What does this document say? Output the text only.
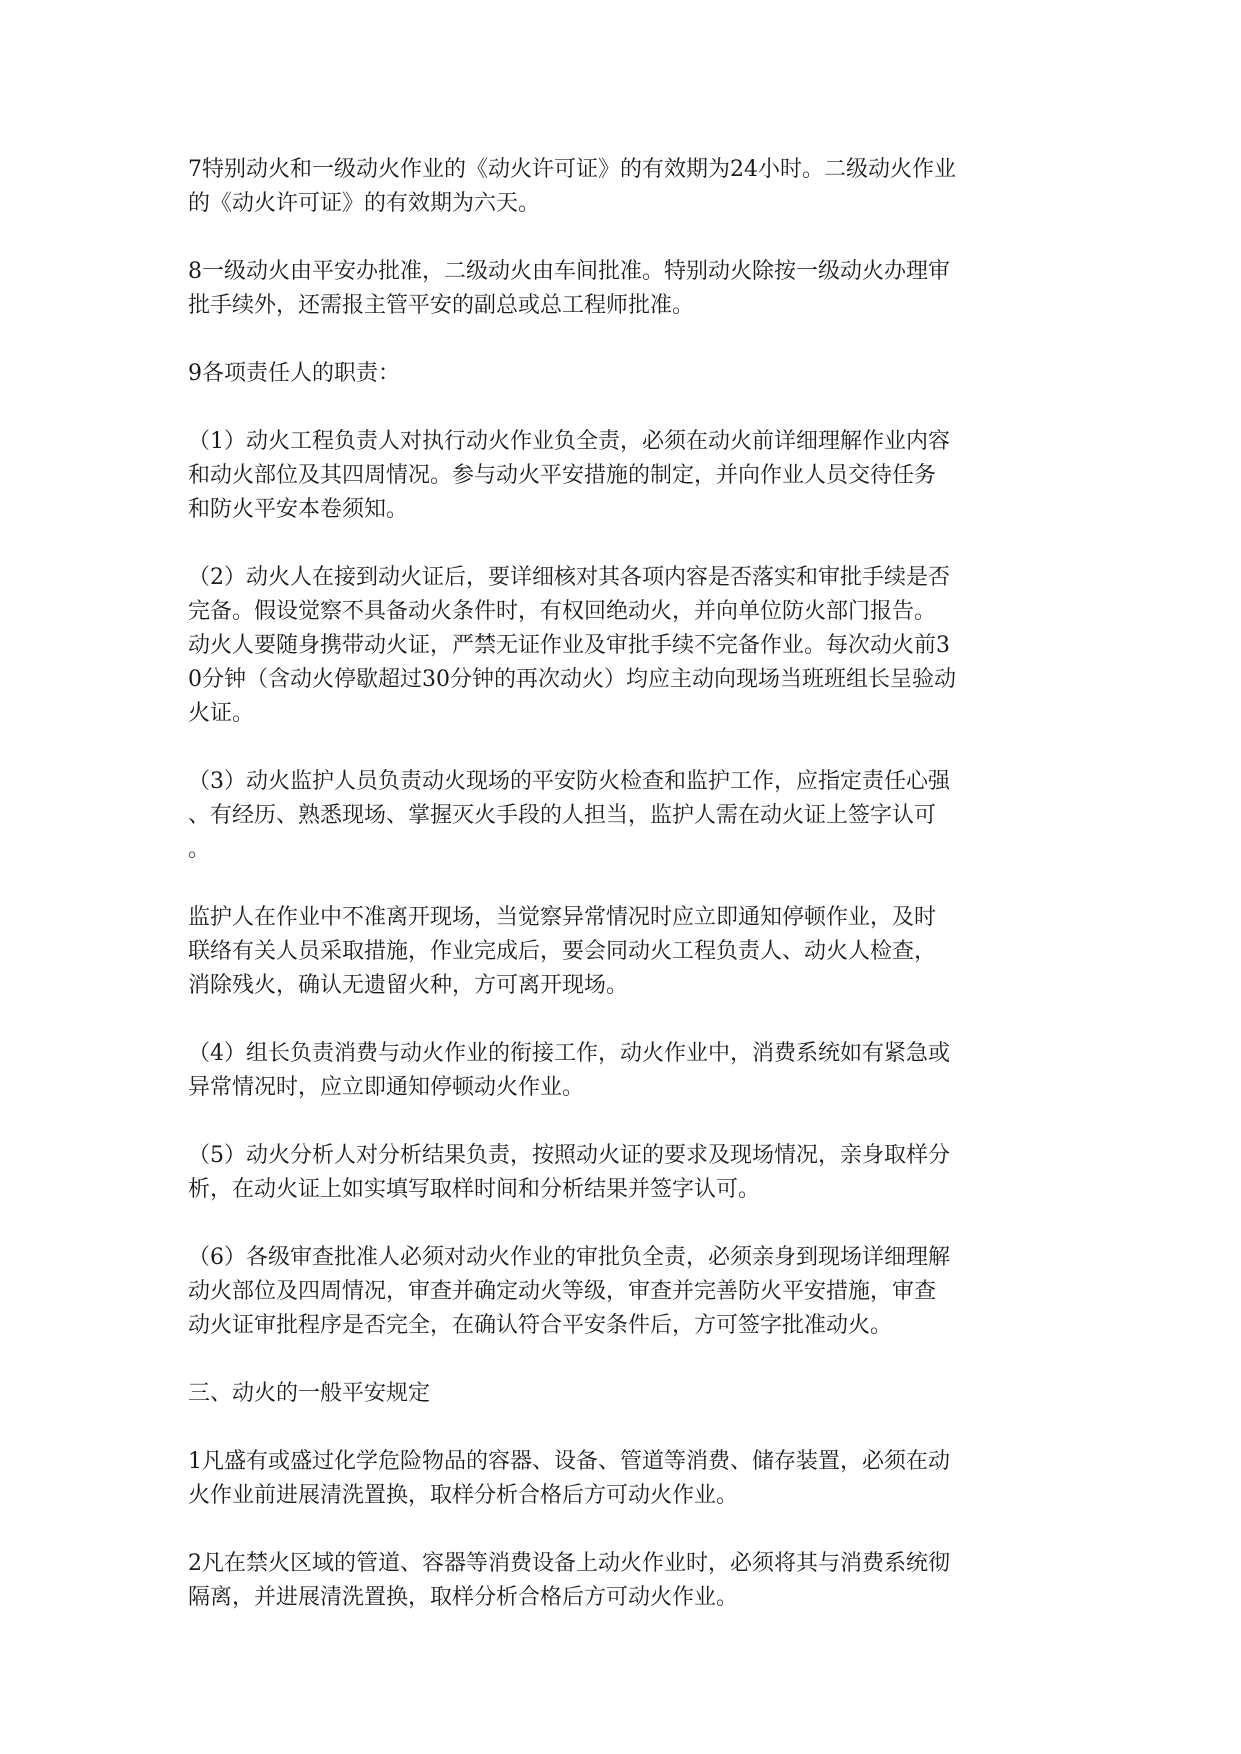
7特别动火和一级动火作业的《动火许可证》的有效期为24小时。二级动火作业
的《动火许可证》的有效期为六天。

8一级动火由平安办批准，二级动火由车间批准。特别动火除按一级动火办理审
批手续外，还需报主管平安的副总或总工程师批准。

9各项责任人的职责：

（1）动火工程负责人对执行动火作业负全责，必须在动火前详细理解作业内容
和动火部位及其四周情况。参与动火平安措施的制定，并向作业人员交待任务
和防火平安本卷须知。

（2）动火人在接到动火证后，要详细核对其各项内容是否落实和审批手续是否
完备。假设觉察不具备动火条件时，有权回绝动火，并向单位防火部门报告。
动火人要随身携带动火证，严禁无证作业及审批手续不完备作业。每次动火前3
0分钟（含动火停歇超过30分钟的再次动火）均应主动向现场当班班组长呈验动
火证。

（3）动火监护人员负责动火现场的平安防火检查和监护工作，应指定责任心强
、有经历、熟悉现场、掌握灭火手段的人担当，监护人需在动火证上签字认可
。

监护人在作业中不准离开现场，当觉察异常情况时应立即通知停顿作业，及时
联络有关人员采取措施，作业完成后，要会同动火工程负责人、动火人检查，
消除残火，确认无遗留火种，方可离开现场。

（4）组长负责消费与动火作业的衔接工作，动火作业中，消费系统如有紧急或
异常情况时，应立即通知停顿动火作业。

（5）动火分析人对分析结果负责，按照动火证的要求及现场情况，亲身取样分
析，在动火证上如实填写取样时间和分析结果并签字认可。

（6）各级审查批准人必须对动火作业的审批负全责，必须亲身到现场详细理解
动火部位及四周情况，审查并确定动火等级，审查并完善防火平安措施，审查
动火证审批程序是否完全，在确认符合平安条件后，方可签字批准动火。

三、动火的一般平安规定

1凡盛有或盛过化学危险物品的容器、设备、管道等消费、储存装置，必须在动
火作业前进展清洗置换，取样分析合格后方可动火作业。

2凡在禁火区域的管道、容器等消费设备上动火作业时，必须将其与消费系统彻
隔离，并进展清洗置换，取样分析合格后方可动火作业。
